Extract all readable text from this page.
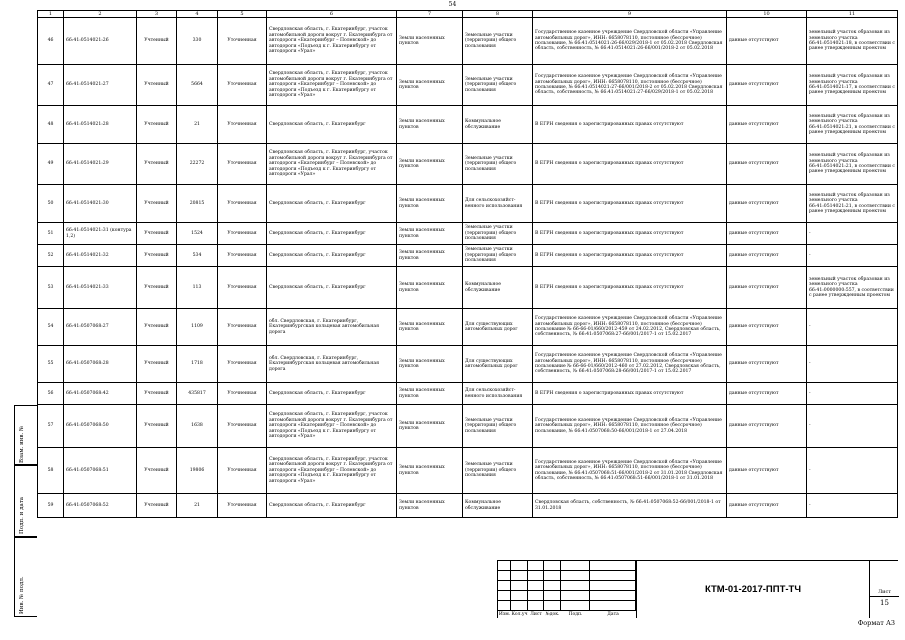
54
1	2	3	4	5	6	7	8	9	10	11
46	66:41:0514021:26	Учтенный	330	Уточненная	Свердловская область, г. Екатеринбург, участок автомобильной дороги вокруг г. Екатеринбурга от автодороги «Екатеринбург – Полевской» до автодороги «Подъезд к г. Екатеринбургу от автодороги «Урал»	Земли населенных пунктов	Земельные участки (территории) общего пользования	Государственное казенное учреждение Свердловской области «Управление автомобильных дорог», ИНН: 6658078110, постоянное (бессрочное) пользование, № 66:41:0514021:26-66/029/2018-1 от 05.02.2018 Свердловская область, собственность, № 66:41:0514021:26-66/001/2018-2 от 05.02.2018	данные отсутствуют	земельный участок образован из земельного участка 66:41:0514021:18, в соответствии с ранее утвержденным проектом
47	66:41:0514021:27	Учтенный	5664	Уточненная	Свердловская область, г. Екатеринбург, участок автомобильной дороги вокруг г. Екатеринбурга от автодороги «Екатеринбург – Полевской» до автодороги «Подъезд к г. Екатеринбургу от автодороги «Урал»	Земли населенных пунктов	Земельные участки (территории) общего пользования	Государственное казенное учреждение Свердловской области «Управление автомобильных дорог», ИНН: 6658078110, постоянное (бессрочное) пользование, № 66:41:0514021:27-66/001/2018-2 от 05.02.2018 Свердловская область, собственность, № 66:41:0514021:27-66/029/2018-1 от 05.02.2018	данные отсутствуют	земельный участок образован из земельного участка 66:41:0514021:17, в соответствии с ранее утвержденным проектом
48	66:41:0514021:28	Учтенный	21	Уточненная	Свердловская область, г. Екатеринбург	Земли населенных пунктов	Коммунальное обслуживание	В ЕГРН сведения о зарегистрированных правах отсутствуют	данные отсутствуют	земельный участок образован из земельного участка 66:41:0514021:21, в соответствии с ранее утвержденным проектом
49	66:41:0514021:29	Учтенный	22272	Уточненная	Свердловская область, г. Екатеринбург, участок автомобильной дороги вокруг г. Екатеринбурга от автодороги «Екатеринбург – Полевской» до автодороги «Подъезд к г. Екатеринбургу от автодороги «Урал»	Земли населенных пунктов	Земельные участки (территории) общего пользования	В ЕГРН сведения о зарегистрированных правах отсутствуют	данные отсутствуют	земельный участок образован из земельного участка 66:41:0514021:21, в соответствии с ранее утвержденным проектом
50	66:41:0514021:30	Учтенный	20815	Уточненная	Свердловская область, г. Екатеринбург	Земли населенных пунктов	Для сельскохозяйст-венного использования	В ЕГРН сведения о зарегистрированных правах отсутствуют	данные отсутствуют	земельный участок образован из земельного участка 66:41:0514021:21, в соответствии с ранее утвержденным проектом
51	66:41:0514021:31 (контура 1,2)	Учтенный	1524	Уточненная	Свердловская область, г. Екатеринбург	Земли населенных пунктов	Земельные участки (территории) общего пользования	В ЕГРН сведения о зарегистрированных правах отсутствуют	данные отсутствуют	-
52	66:41:0514021:32	Учтенный	534	Уточненная	Свердловская область, г. Екатеринбург	Земли населенных пунктов	Земельные участки (территории) общего пользования	В ЕГРН сведения о зарегистрированных правах отсутствуют	данные отсутствуют	-
53	66:41:0514021:33	Учтенный	113	Уточненная	Свердловская область, г. Екатеринбург	Земли населенных пунктов	Коммунальное обслуживание	В ЕГРН сведения о зарегистрированных правах отсутствуют	данные отсутствуют	земельный участок образован из земельного участка 66:41:0000000:557, в соответствии с ранее утвержденным проектом
54	66:41:0507068:27	Учтенный	1109	Уточненная	обл. Свердловская, г. Екатеринбург, Екатеринбургская кольцевая автомобильная дорога	Земли населенных пунктов	Для существующих автомобильных дорог	Государственное казенное учреждение Свердловской области «Управление автомобильных дорог», ИНН: 6658078110, постоянное (бессрочное) пользование № 66-66-01/660/2012-459 от 24.02.2012, Свердловская область, собственность, № 66:41:0507068:27-66/001/2017-1 от 15.02.2017	данные отсутствуют	-
55	66:41:0507068:28	Учтенный	1718	Уточненная	обл. Свердловская, г. Екатеринбург, Екатеринбургская кольцевая автомобильная дорога	Земли населенных пунктов	Для существующих автомобильных дорог	Государственное казенное учреждение Свердловской области «Управление автомобильных дорог», ИНН: 6658078110, постоянное (бессрочное) пользование № 66-66-01/660/2012-460 от 27.02.2012, Свердловская область, собственность, № 66:41:0507068:28-66/001/2017-1 от 15.02.2017	данные отсутствуют	-
56	66:41:0507068:42	Учтенный	435817	Уточненная	Свердловская область, г. Екатеринбург	Земли населенных пунктов	Для сельскохозяйст-венного использования	В ЕГРН сведения о зарегистрированных правах отсутствуют	данные отсутствуют	-
57	66:41:0507068:50	Учтенный	1638	Уточненная	Свердловская область, г. Екатеринбург, участок автомобильной дороги вокруг г. Екатеринбурга от автодороги «Екатеринбург – Полевской» до автодороги «Подъезд к г. Екатеринбургу от автодороги «Урал»	Земли населенных пунктов	Земельные участки (территории) общего пользования	Государственное казенное учреждение Свердловской области «Управление автомобильных дорог», ИНН: 6658078110, постоянное (бессрочное) пользование, № 66:41:0507068:50-66/001/2018-1 от 27.04.2018	данные отсутствуют	-
58	66:41:0507068:51	Учтенный	19806	Уточненная	Свердловская область, г. Екатеринбург, участок автомобильной дороги вокруг г. Екатеринбурга от автодороги «Екатеринбург – Полевской» до автодороги «Подъезд к г. Екатеринбургу от автодороги «Урал»	Земли населенных пунктов	Земельные участки (территории) общего пользования	Государственное казенное учреждение Свердловской области «Управление автомобильных дорог», ИНН: 6658078110, постоянное (бессрочное) пользование, № 66:41:0507068:51-66/001/2018-2 от 31.01.2018 Свердловская область, собственность, № 66:41:0507068:51-66/001/2018-1 от 31.01.2018	данные отсутствуют	-
59	66:41:0507068:52	Учтенный	21	Уточненная	Свердловская область, г. Екатеринбург	Земли населенных пунктов	Коммунальное обслуживание	Свердловская область, собственность, № 66:41:0507068:52-66/001/2018-1 от 31.01.2018	данные отсутствуют	-
Взам. инв. №
Подп. и дата
Инв. № подл.
Изм. Кол.уч Лист №док.	Подп.	Дата
КТМ-01-2017-ППТ-ТЧ	Лист
15
Формат А3
